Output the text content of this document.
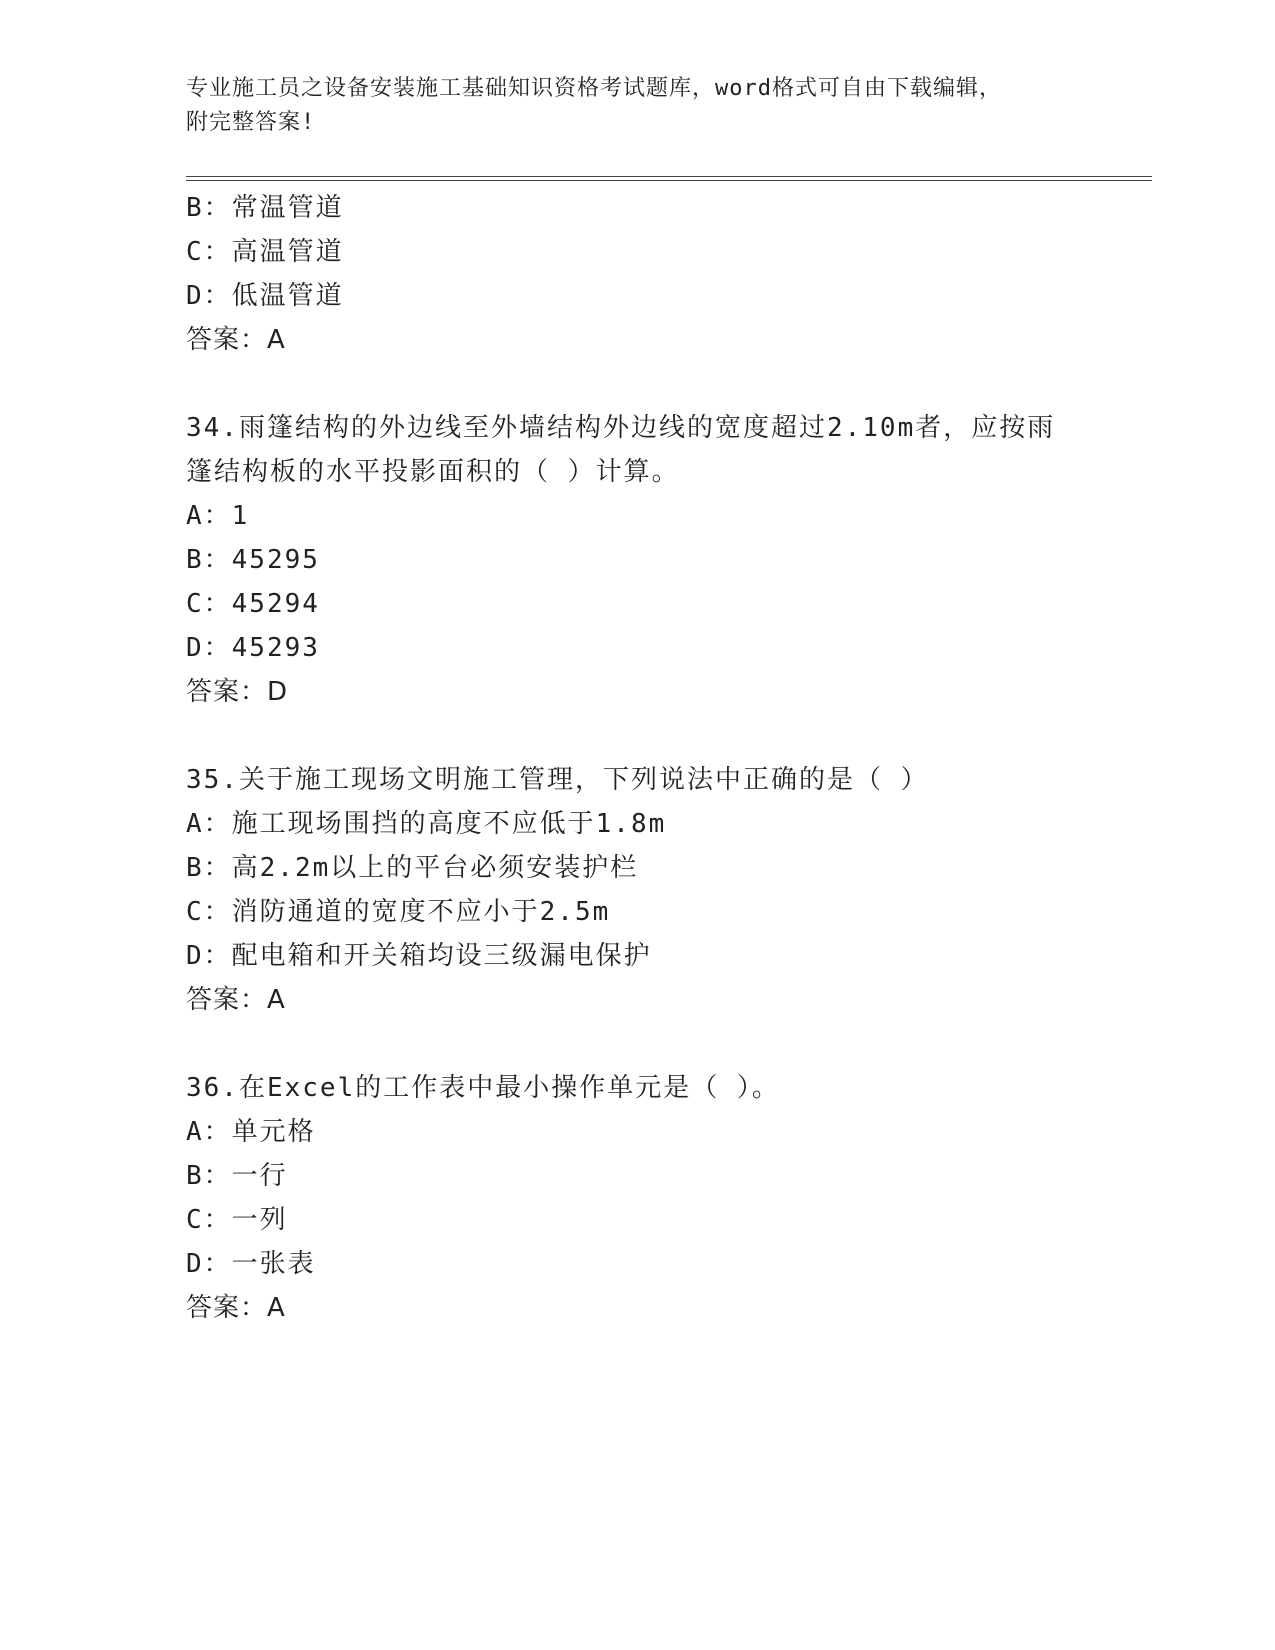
专业施工员之设备安装施工基础知识资格考试题库，word格式可自由下载编辑，
附完整答案!
B：常温管道
C：高温管道
D：低温管道
答案：A
34.雨篷结构的外边线至外墙结构外边线的宽度超过2.10m者，应按雨
篷结构板的水平投影面积的（ ）计算。
A：1
B：45295
C：45294
D：45293
答案：D
35.关于施工现场文明施工管理，下列说法中正确的是（ ）
A：施工现场围挡的高度不应低于1.8m
B：高2.2m以上的平台必须安装护栏
C：消防通道的宽度不应小于2.5m
D：配电箱和开关箱均设三级漏电保护
答案：A
36.在Excel的工作表中最小操作单元是（ ）。
A：单元格
B：一行
C：一列
D：一张表
答案：A
